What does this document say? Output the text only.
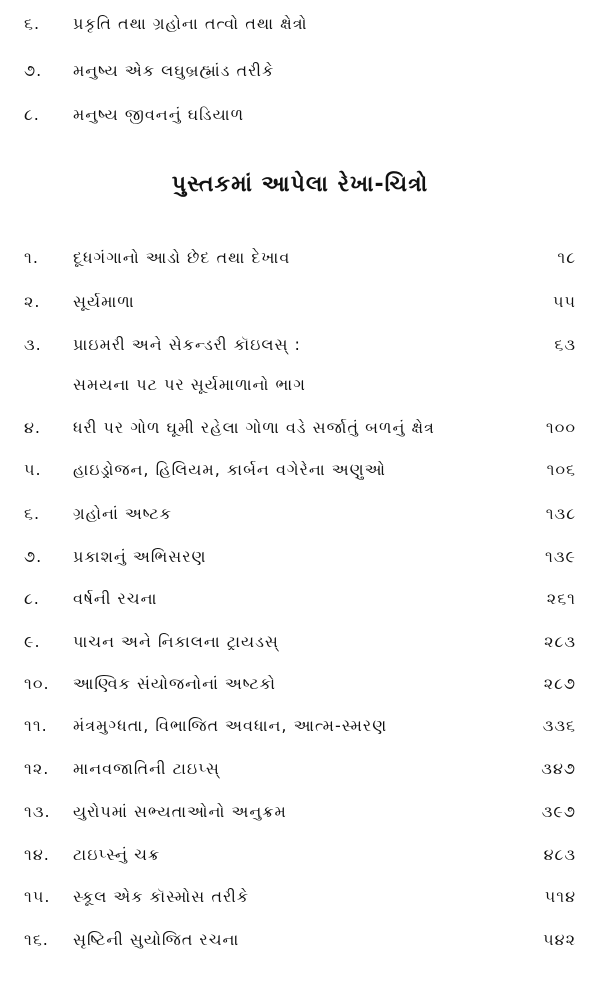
૬.	પ્રકૃતિ તથા ગ્રહોના તત્વો તથા ક્ષેત્રો
૭.	મનુષ્ય એક લઘુબ્રહ્માંડ તરીકે
૮.	મનુષ્ય જીવનનું ઘડિયાળ
પુસ્તકમાં આપેલા રેખા-ચિત્રો
૧.	દૂધગંગાનો આડો છેદ તથા દેખાવ	૧૮
૨.	સૂર્યમાળા	૫૫
૩.	પ્રાઇમરી અને સેકન્ડરી કૉઇલસ્ :	૬૩
સમયના પટ પર સૂર્યમાળાનો ભાગ
૪.	ધરી પર ગોળ ઘૂમી રહેલા ગોળા વડે સર્જાતું બળનું ક્ષેત્ર	૧૦૦
૫.	હાઇડ્રોજન, હિલિયમ, કાર્બન વગેરેના અણુઓ	૧૦૬
૬.	ગ્રહોનાં અષ્ટક	૧૩૮
૭.	પ્રકાશનું અભિસરણ	૧૩૯
૮.	વર્ષની રચના	૨૬૧
૯.	પાચન અને નિકાલના ટ્રાયડસ્	૨૮૩
૧૦.	આણ્વિક સંયોજનોનાં અષ્ટકો	૨૮૭
૧૧.	મંત્રમુગ્ધતા, વિભાજિત અવધાન, આત્મ-સ્મરણ	૩૩૬
૧૨.	માનવજાતિની ટાઇપ્સ્	૩૪૭
૧૩.	યુરોપમાં સભ્યતાઓનો અનુક્રમ	૩૯૭
૧૪.	ટાઇપ્સ્નું ચક્ર	૪૮૩
૧૫.	સ્કૂલ એક કૉસ્મોસ તરીકે	૫૧૪
૧૬.	સૃષ્ટિની સુયોજિત રચના	૫૪૨
